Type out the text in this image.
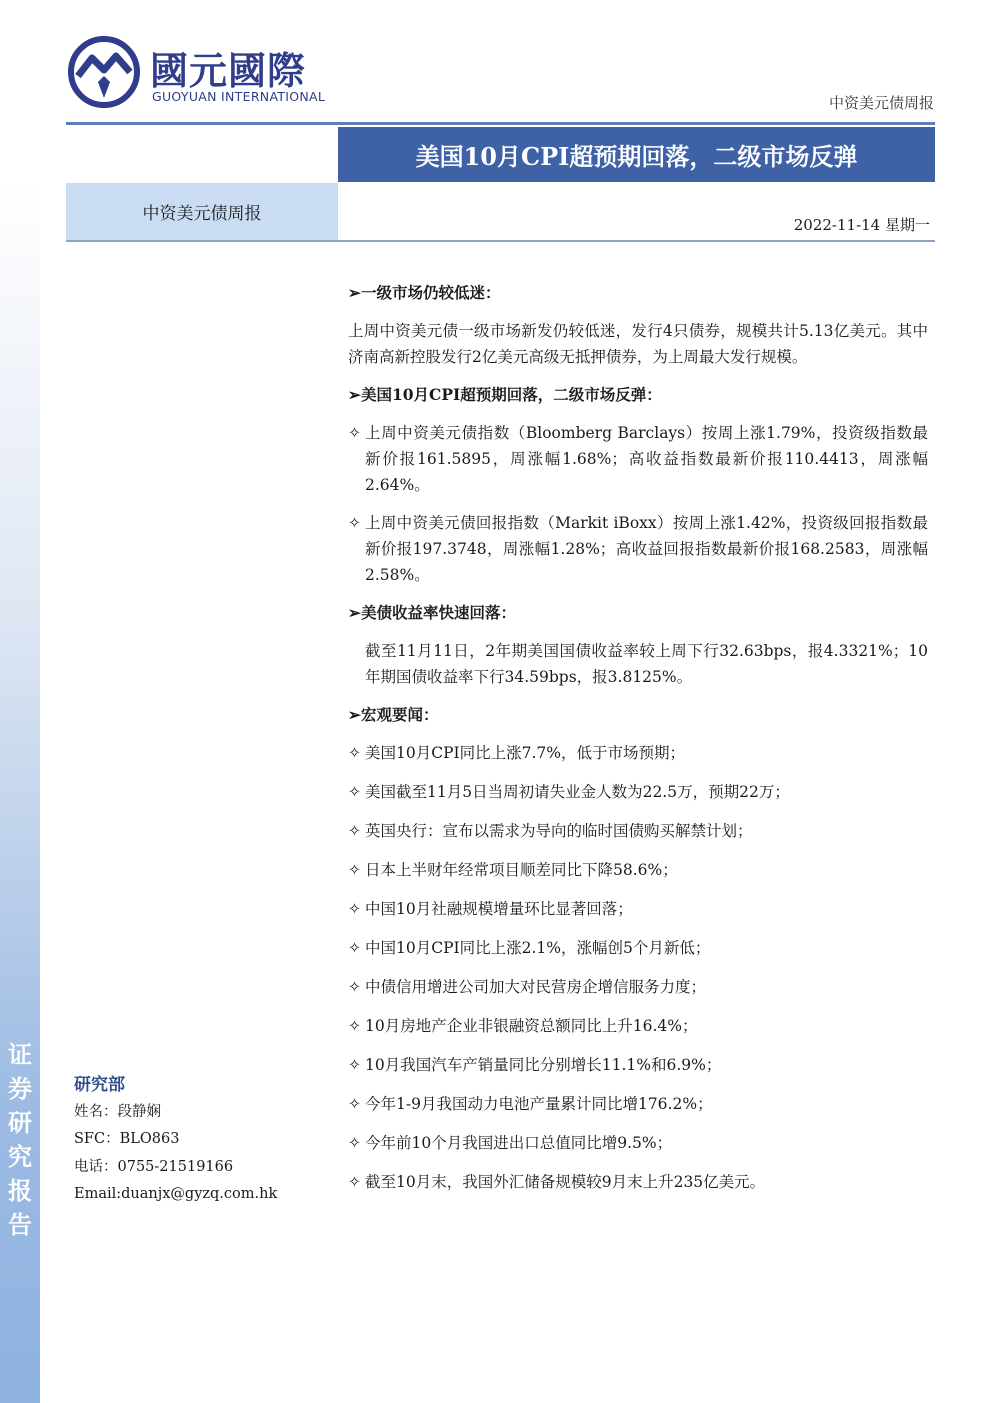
证
券
研
究
报
告
國元國際
GUOYUAN INTERNATIONAL	中资美元债周报
美国10月CPI超预期回落，二级市场反弹
中资美元债周报
2022-11-14 星期一
研究部
姓名：段静娴
SFC：BLO863
电话：0755-21519166
Email:duanjx@gyzq.com.hk
➢一级市场仍较低迷：
上周中资美元债一级市场新发仍较低迷，发行4只债券，规模共计5.13亿美元。其中济南高新控股发行2亿美元高级无抵押债券，为上周最大发行规模。
➢美国10月CPI超预期回落，二级市场反弹：
✧ 上周中资美元债指数（Bloomberg Barclays）按周上涨1.79%，投资级指数最新价报161.5895，周涨幅1.68%；高收益指数最新价报110.4413，周涨幅2.64%。
✧ 上周中资美元债回报指数（Markit iBoxx）按周上涨1.42%，投资级回报指数最新价报197.3748，周涨幅1.28%；高收益回报指数最新价报168.2583，周涨幅2.58%。
➢美债收益率快速回落：
截至11月11日，2年期美国国债收益率较上周下行32.63bps，报4.3321%；10年期国债收益率下行34.59bps，报3.8125%。
➢宏观要闻：
✧ 美国10月CPI同比上涨7.7%，低于市场预期；
✧ 美国截至11月5日当周初请失业金人数为22.5万，预期22万；
✧ 英国央行：宣布以需求为导向的临时国债购买解禁计划；
✧ 日本上半财年经常项目顺差同比下降58.6%；
✧ 中国10月社融规模增量环比显著回落；
✧ 中国10月CPI同比上涨2.1%，涨幅创5个月新低；
✧ 中债信用增进公司加大对民营房企增信服务力度；
✧ 10月房地产企业非银融资总额同比上升16.4%；
✧ 10月我国汽车产销量同比分别增长11.1%和6.9%；
✧ 今年1-9月我国动力电池产量累计同比增176.2%；
✧ 今年前10个月我国进出口总值同比增9.5%；
✧ 截至10月末，我国外汇储备规模较9月末上升235亿美元。
